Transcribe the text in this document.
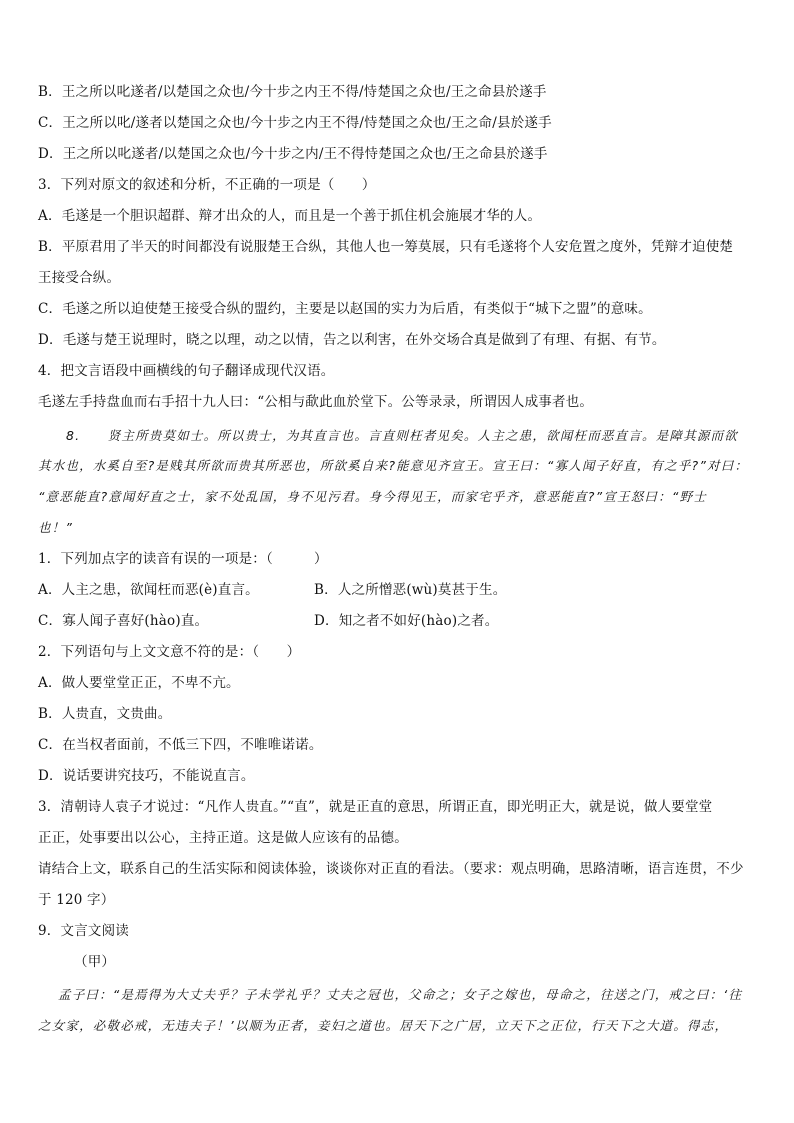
B．王之所以叱遂者/以楚国之众也/今十步之内王不得/恃楚国之众也/王之命县於遂手
C．王之所以叱/遂者以楚国之众也/今十步之内王不得/恃楚国之众也/王之命/县於遂手
D．王之所以叱遂者/以楚国之众也/今十步之内/王不得恃楚国之众也/王之命县於遂手
3．下列对原文的叙述和分析，不正确的一项是（　　）
A．毛遂是一个胆识超群、辩才出众的人，而且是一个善于抓住机会施展才华的人。
B．平原君用了半天的时间都没有说服楚王合纵，其他人也一筹莫展，只有毛遂将个人安危置之度外，凭辩才迫使楚
王接受合纵。
C．毛遂之所以迫使楚王接受合纵的盟约，主要是以赵国的实力为后盾，有类似于“城下之盟”的意味。
D．毛遂与楚王说理时，晓之以理，动之以情，告之以利害，在外交场合真是做到了有理、有据、有节。
4．把文言语段中画横线的句子翻译成现代汉语。
毛遂左手持盘血而右手招十九人曰：“公相与歃此血於堂下。公等录录，所谓因人成事者也。
8.　　贤主所贵莫如士。所以贵士，为其直言也。言直则枉者见矣。人主之患，欲闻枉而恶直言。是障其源而欲
其水也，水奚自至?是贱其所欲而贵其所恶也，所欲奚自来?能意见齐宣王。宣王曰：“寡人闻子好直，有之乎?”对曰：
“意恶能直?意闻好直之士，家不处乱国，身不见污君。身今得见王，而家宅乎齐，意恶能直?”宣王怒曰：“野士
也！”
1．下列加点字的读音有误的一项是：（　　　）
A．人主之患，欲闻枉而恶(è)直言。	B．人之所憎恶(wù)莫甚于生。
C．寡人闻子喜好(hào)直。	D．知之者不如好(hào)之者。
2．下列语句与上文文意不符的是：（　　）
A．做人要堂堂正正，不卑不亢。
B．人贵直，文贵曲。
C．在当权者面前，不低三下四，不唯唯诺诺。
D．说话要讲究技巧，不能说直言。
3．清朝诗人袁子才说过：“凡作人贵直。”“直”，就是正直的意思，所谓正直，即光明正大，就是说，做人要堂堂
正正，处事要出以公心，主持正道。这是做人应该有的品德。
请结合上文，联系自己的生活实际和阅读体验，谈谈你对正直的看法。（要求：观点明确，思路清晰，语言连贯，不少
于 120 字）
9．文言文阅读
（甲）
孟子曰：“是焉得为大丈夫乎？子未学礼乎？丈夫之冠也，父命之；女子之嫁也，母命之，往送之门，戒之曰：‘往
之女家，必敬必戒，无违夫子！’以顺为正者，妾妇之道也。居天下之广居，立天下之正位，行天下之大道。得志，
